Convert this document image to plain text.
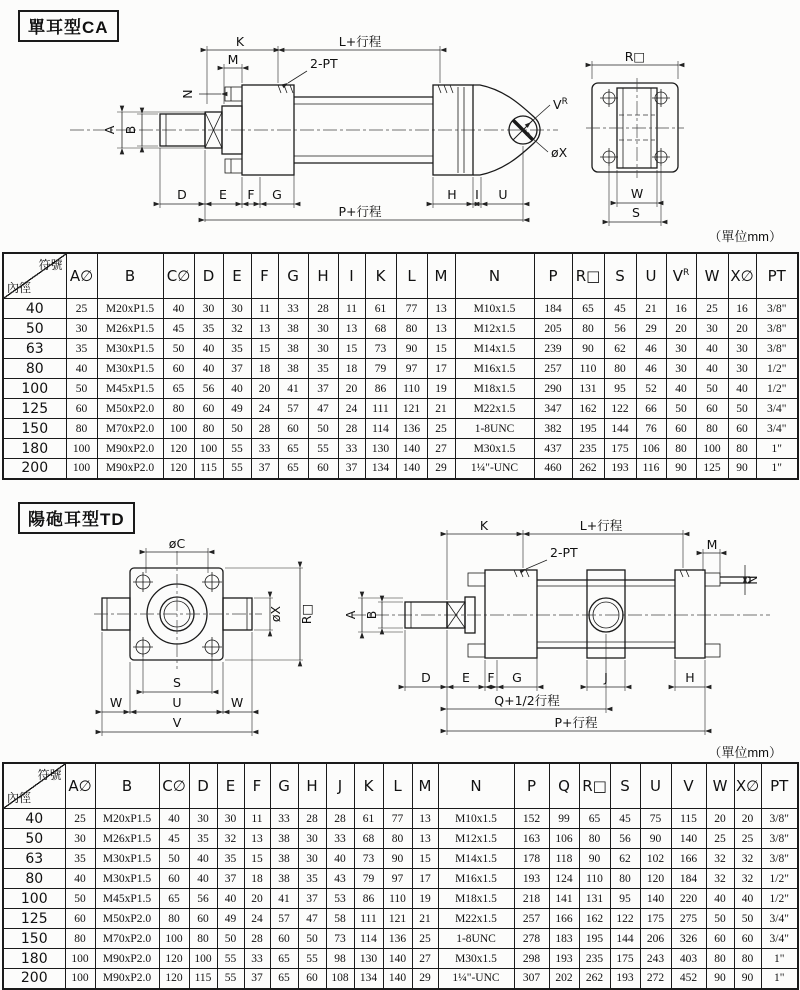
單耳型CA
K	L+行程
M	2-PT
N
A B
D	E F G	H I U
P+行程
$V^R$
øX
R□
W
S
（單位mm）
符號
內徑	A∅	B	C∅	D	E	F	G	H	I	K	L	M	N	P	R□	S	U	$V^R$	W	X∅	PT
40	25	M20xP1.5	40	30	30	11	33	28	11	61	77	13	M10x1.5	184	65	45	21	16	25	16	3/8"
50	30	M26xP1.5	45	35	32	13	38	30	13	68	80	13	M12x1.5	205	80	56	29	20	30	20	3/8"
63	35	M30xP1.5	50	40	35	15	38	30	15	73	90	15	M14x1.5	239	90	62	46	30	40	30	3/8"
80	40	M30xP1.5	60	40	37	18	38	35	18	79	97	17	M16x1.5	257	110	80	46	30	40	30	1/2"
100	50	M45xP1.5	65	56	40	20	41	37	20	86	110	19	M18x1.5	290	131	95	52	40	50	40	1/2"
125	60	M50xP2.0	80	60	49	24	57	47	24	111	121	21	M22x1.5	347	162	122	66	50	60	50	3/4"
150	80	M70xP2.0	100	80	50	28	60	50	28	114	136	25	1-8UNC	382	195	144	76	60	80	60	3/4"
180	100	M90xP2.0	120	100	55	33	65	55	33	130	140	27	M30x1.5	437	235	175	106	80	100	80	1"
200	100	M90xP2.0	120	115	55	37	65	60	37	134	140	29	1¼"-UNC	460	262	193	116	90	125	90	1"
陽砲耳型TD
øC
øX R□
S
U
W	W
V
K	L+行程
2-PT
M
N
A B
D E F G	J	H
Q+1/2行程
P+行程
（單位mm）
符號
內徑	A∅	B	C∅	D	E	F	G	H	J	K	L	M	N	P	Q	R□	S	U	V	W	X∅	PT
40	25	M20xP1.5	40	30	30	11	33	28	28	61	77	13	M10x1.5	152	99	65	45	75	115	20	20	3/8"
50	30	M26xP1.5	45	35	32	13	38	30	33	68	80	13	M12x1.5	163	106	80	56	90	140	25	25	3/8"
63	35	M30xP1.5	50	40	35	15	38	30	40	73	90	15	M14x1.5	178	118	90	62	102	166	32	32	3/8"
80	40	M30xP1.5	60	40	37	18	38	35	43	79	97	17	M16x1.5	193	124	110	80	120	184	32	32	1/2"
100	50	M45xP1.5	65	56	40	20	41	37	53	86	110	19	M18x1.5	218	141	131	95	140	220	40	40	1/2"
125	60	M50xP2.0	80	60	49	24	57	47	58	111	121	21	M22x1.5	257	166	162	122	175	275	50	50	3/4"
150	80	M70xP2.0	100	80	50	28	60	50	73	114	136	25	1-8UNC	278	183	195	144	206	326	60	60	3/4"
180	100	M90xP2.0	120	100	55	33	65	55	98	130	140	27	M30x1.5	298	193	235	175	243	403	80	80	1"
200	100	M90xP2.0	120	115	55	37	65	60	108	134	140	29	1¼"-UNC	307	202	262	193	272	452	90	90	1"
